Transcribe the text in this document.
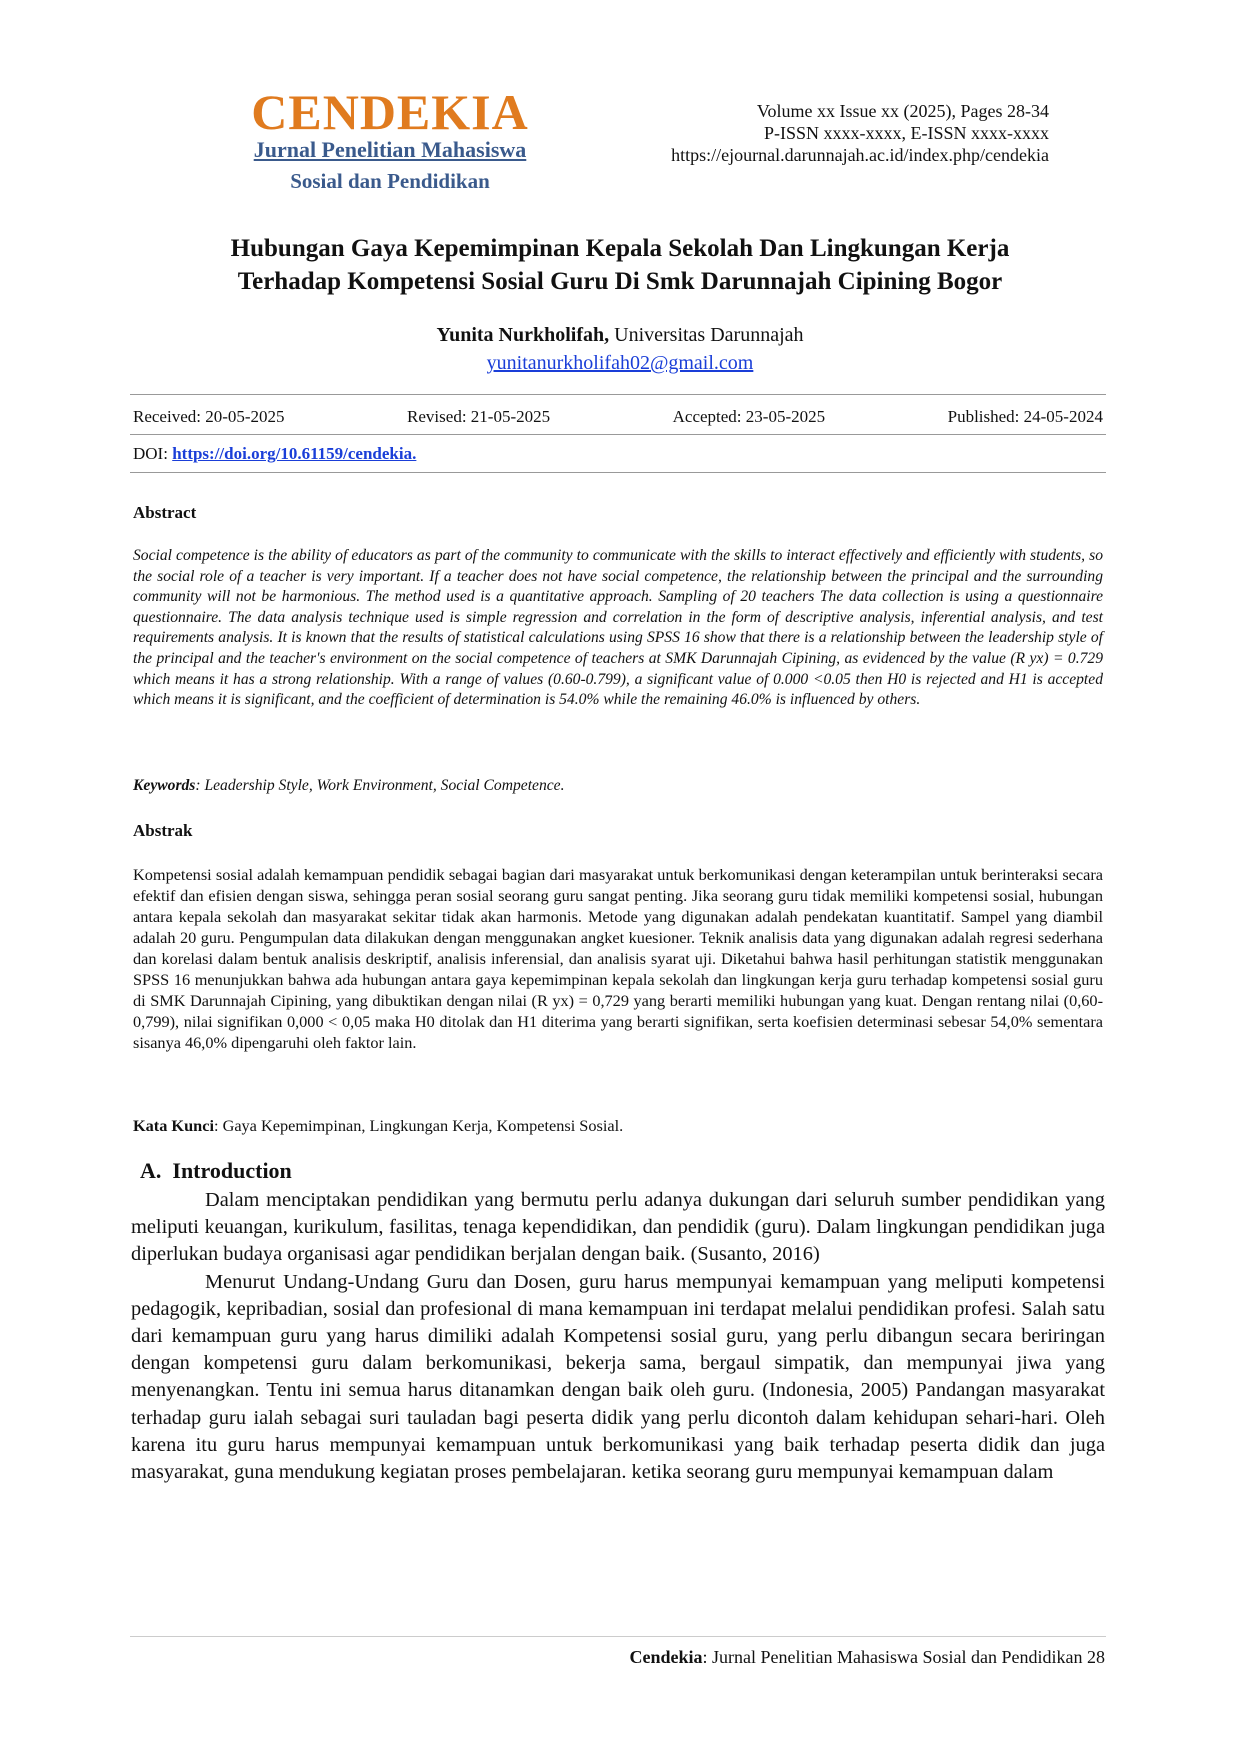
CENDEKIA
Jurnal Penelitian Mahasiswa
Sosial dan Pendidikan
Volume xx Issue xx (2025), Pages 28-34
P-ISSN xxxx-xxxx, E-ISSN xxxx-xxxx
https://ejournal.darunnajah.ac.id/index.php/cendekia
Hubungan Gaya Kepemimpinan Kepala Sekolah Dan Lingkungan Kerja
Terhadap Kompetensi Sosial Guru Di Smk Darunnajah Cipining Bogor
Yunita Nurkholifah, Universitas Darunnajah
yunitanurkholifah02@gmail.com
Received: 20-05-2025	Revised: 21-05-2025	Accepted: 23-05-2025	Published: 24-05-2024
DOI: https://doi.org/10.61159/cendekia.
Abstract
Social competence is the ability of educators as part of the community to communicate with the skills to interact effectively and efficiently with students, so the social role of a teacher is very important. If a teacher does not have social competence, the relationship between the principal and the surrounding community will not be harmonious. The method used is a quantitative approach. Sampling of 20 teachers The data collection is using a questionnaire questionnaire. The data analysis technique used is simple regression and correlation in the form of descriptive analysis, inferential analysis, and test requirements analysis. It is known that the results of statistical calculations using SPSS 16 show that there is a relationship between the leadership style of the principal and the teacher's environment on the social competence of teachers at SMK Darunnajah Cipining, as evidenced by the value (R yx) = 0.729 which means it has a strong relationship. With a range of values (0.60-0.799), a significant value of 0.000 <0.05 then H0 is rejected and H1 is accepted which means it is significant, and the coefficient of determination is 54.0% while the remaining 46.0% is influenced by others.
Keywords: Leadership Style, Work Environment, Social Competence.
Abstrak
Kompetensi sosial adalah kemampuan pendidik sebagai bagian dari masyarakat untuk berkomunikasi dengan keterampilan untuk berinteraksi secara efektif dan efisien dengan siswa, sehingga peran sosial seorang guru sangat penting. Jika seorang guru tidak memiliki kompetensi sosial, hubungan antara kepala sekolah dan masyarakat sekitar tidak akan harmonis. Metode yang digunakan adalah pendekatan kuantitatif. Sampel yang diambil adalah 20 guru. Pengumpulan data dilakukan dengan menggunakan angket kuesioner. Teknik analisis data yang digunakan adalah regresi sederhana dan korelasi dalam bentuk analisis deskriptif, analisis inferensial, dan analisis syarat uji. Diketahui bahwa hasil perhitungan statistik menggunakan SPSS 16 menunjukkan bahwa ada hubungan antara gaya kepemimpinan kepala sekolah dan lingkungan kerja guru terhadap kompetensi sosial guru di SMK Darunnajah Cipining, yang dibuktikan dengan nilai (R yx) = 0,729 yang berarti memiliki hubungan yang kuat. Dengan rentang nilai (0,60-0,799), nilai signifikan 0,000 < 0,05 maka H0 ditolak dan H1 diterima yang berarti signifikan, serta koefisien determinasi sebesar 54,0% sementara sisanya 46,0% dipengaruhi oleh faktor lain.
Kata Kunci: Gaya Kepemimpinan, Lingkungan Kerja, Kompetensi Sosial.
A. Introduction

Dalam menciptakan pendidikan yang bermutu perlu adanya dukungan dari seluruh sumber pendidikan yang meliputi keuangan, kurikulum, fasilitas, tenaga kependidikan, dan pendidik (guru). Dalam lingkungan pendidikan juga diperlukan budaya organisasi agar pendidikan berjalan dengan baik. (Susanto, 2016)

Menurut Undang-Undang Guru dan Dosen, guru harus mempunyai kemampuan yang meliputi kompetensi pedagogik, kepribadian, sosial dan profesional di mana kemampuan ini terdapat melalui pendidikan profesi. Salah satu dari kemampuan guru yang harus dimiliki adalah Kompetensi sosial guru, yang perlu dibangun secara beriringan dengan kompetensi guru dalam berkomunikasi, bekerja sama, bergaul simpatik, dan mempunyai jiwa yang menyenangkan. Tentu ini semua harus ditanamkan dengan baik oleh guru. (Indonesia, 2005) Pandangan masyarakat terhadap guru ialah sebagai suri tauladan bagi peserta didik yang perlu dicontoh dalam kehidupan sehari-hari. Oleh karena itu guru harus mempunyai kemampuan untuk berkomunikasi yang baik terhadap peserta didik dan juga masyarakat, guna mendukung kegiatan proses pembelajaran. ketika seorang guru mempunyai kemampuan dalam

Cendekia: Jurnal Penelitian Mahasiswa Sosial dan Pendidikan 28
